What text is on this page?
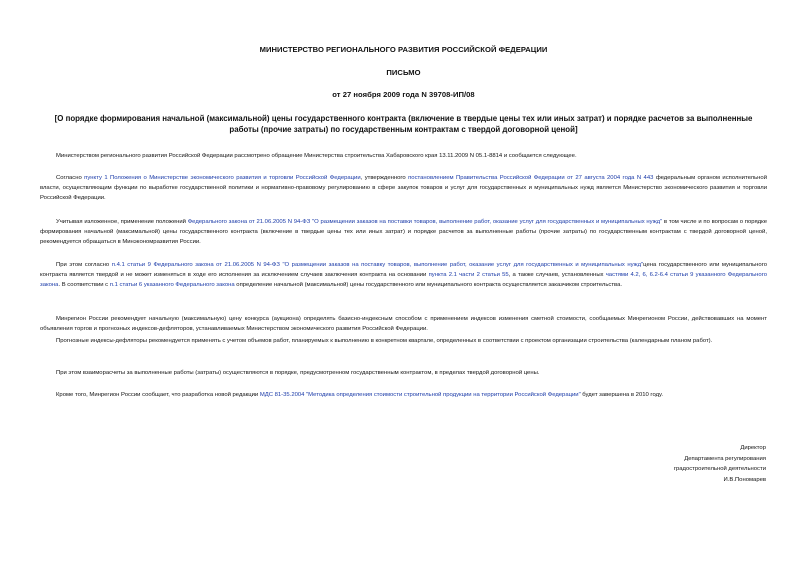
МИНИСТЕРСТВО РЕГИОНАЛЬНОГО РАЗВИТИЯ РОССИЙСКОЙ ФЕДЕРАЦИИ
ПИСЬМО
от 27 ноября 2009 года N 39708-ИП/08
[О порядке формирования начальной (максимальной) цены государственного контракта (включение в твердые цены тех или иных затрат) и порядке расчетов за выполненные работы (прочие затраты) по государственным контрактам с твердой договорной ценой]

Министерством регионального развития Российской Федерации рассмотрено обращение Министерства строительства Хабаровского края 13.11.2009 N 05.1-8814 и сообщается следующее.

Согласно пункту 1 Положения о Министерстве экономического развития и торговли Российской Федерации, утвержденного постановлением Правительства Российской Федерации от 27 августа 2004 года N 443 федеральным органом исполнительной власти, осуществляющим функции по выработке государственной политики и нормативно-правовому регулированию в сфере закупок товаров и услуг для государственных и муниципальных нужд является Министерство экономического развития и торговли Российской Федерации.

Учитывая изложенное, применение положений Федерального закона от 21.06.2005 N 94-ФЗ "О размещении заказов на поставки товаров, выполнение работ, оказание услуг для государственных и муниципальных нужд" в том числе и по вопросам о порядке формирования начальной (максимальной) цены государственного контракта (включение в твердые цены тех или иных затрат) и порядке расчетов за выполненные работы (прочие затраты) по государственным контрактам с твердой договорной ценой, рекомендуется обращаться в Минэкономразвития России.

При этом согласно п.4.1 статьи 9 Федерального закона от 21.06.2005 N 94-ФЗ "О размещении заказов на поставку товаров, выполнение работ, оказание услуг для государственных и муниципальных нужд"цена государственного или муниципального контракта является твердой и не может изменяться в ходе его исполнения за исключением случаев заключения контракта на основании пункта 2.1 части 2 статьи 55, а также случаев, установленных частями 4.2, 6, 6.2-6.4 статьи 9 указанного Федерального закона. В соответствии с п.1 статьи 6 указанного Федерального закона определение начальной (максимальной) цены государственного или муниципального контракта осуществляется заказчиком строительства.

Минрегион России рекомендует начальную (максимальную) цену конкурса (аукциона) определять базисно-индексным способом с применением индексов изменения сметной стоимости, сообщаемых Минрегионом России, действовавших на момент объявления торгов и прогнозных индексов-дефляторов, устанавливаемых Министерством экономического развития Российской Федерации.

Прогнозные индексы-дефляторы рекомендуется применять с учетом объемов работ, планируемых к выполнению в конкретном квартале, определенных в соответствии с проектом организации строительства (календарным планом работ).

При этом взаиморасчеты за выполненные работы (затраты) осуществляются в порядке, предусмотренном государственным контрактом, в пределах твердой договорной цены.

Кроме того, Минрегион России сообщает, что разработка новой редакции МДС 81-35.2004 "Методика определения стоимости строительной продукции на территории Российской Федерации" будет завершена в 2010 году.

Директор
Департамента регулирования
градостроительной деятельности
И.В.Пономарев
